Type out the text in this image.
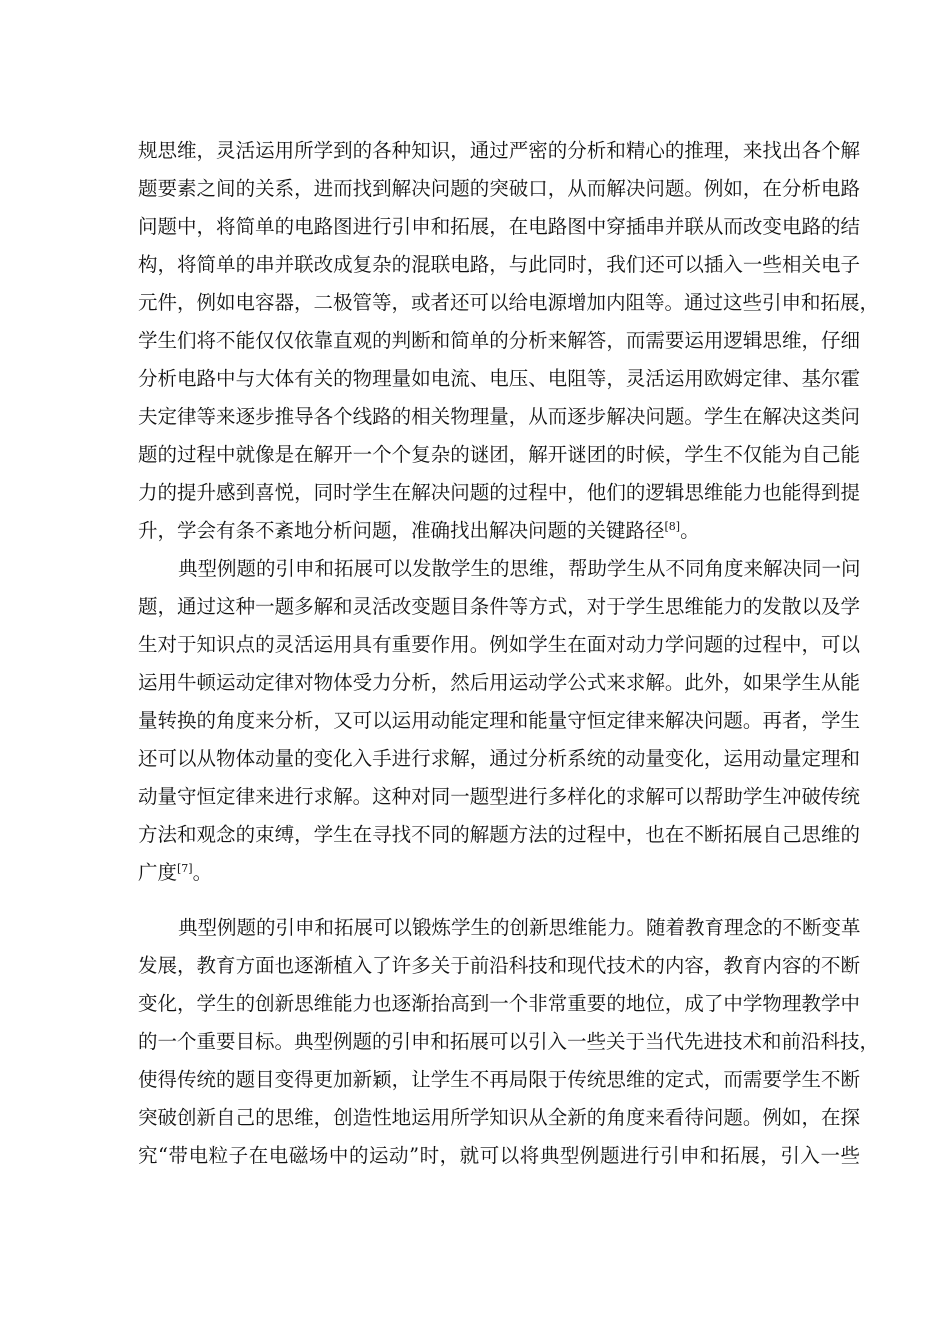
规思维，灵活运用所学到的各种知识，通过严密的分析和精心的推理，来找出各个解
题要素之间的关系，进而找到解决问题的突破口，从而解决问题。例如，在分析电路
问题中，将简单的电路图进行引申和拓展，在电路图中穿插串并联从而改变电路的结
构，将简单的串并联改成复杂的混联电路，与此同时，我们还可以插入一些相关电子
元件，例如电容器，二极管等，或者还可以给电源增加内阻等。通过这些引申和拓展，
学生们将不能仅仅依靠直观的判断和简单的分析来解答，而需要运用逻辑思维，仔细
分析电路中与大体有关的物理量如电流、电压、电阻等，灵活运用欧姆定律、基尔霍
夫定律等来逐步推导各个线路的相关物理量，从而逐步解决问题。学生在解决这类问
题的过程中就像是在解开一个个复杂的谜团，解开谜团的时候，学生不仅能为自己能
力的提升感到喜悦，同时学生在解决问题的过程中，他们的逻辑思维能力也能得到提
升，学会有条不紊地分析问题，准确找出解决问题的关键路径[8]。
典型例题的引申和拓展可以发散学生的思维，帮助学生从不同角度来解决同一问
题，通过这种一题多解和灵活改变题目条件等方式，对于学生思维能力的发散以及学
生对于知识点的灵活运用具有重要作用。例如学生在面对动力学问题的过程中，可以
运用牛顿运动定律对物体受力分析，然后用运动学公式来求解。此外，如果学生从能
量转换的角度来分析，又可以运用动能定理和能量守恒定律来解决问题。再者，学生
还可以从物体动量的变化入手进行求解，通过分析系统的动量变化，运用动量定理和
动量守恒定律来进行求解。这种对同一题型进行多样化的求解可以帮助学生冲破传统
方法和观念的束缚，学生在寻找不同的解题方法的过程中，也在不断拓展自己思维的
广度[7]。
典型例题的引申和拓展可以锻炼学生的创新思维能力。随着教育理念的不断变革
发展，教育方面也逐渐植入了许多关于前沿科技和现代技术的内容，教育内容的不断
变化，学生的创新思维能力也逐渐抬高到一个非常重要的地位，成了中学物理教学中
的一个重要目标。典型例题的引申和拓展可以引入一些关于当代先进技术和前沿科技，
使得传统的题目变得更加新颖，让学生不再局限于传统思维的定式，而需要学生不断
突破创新自己的思维，创造性地运用所学知识从全新的角度来看待问题。例如，在探
究“带电粒子在电磁场中的运动”时，就可以将典型例题进行引申和拓展，引入一些
